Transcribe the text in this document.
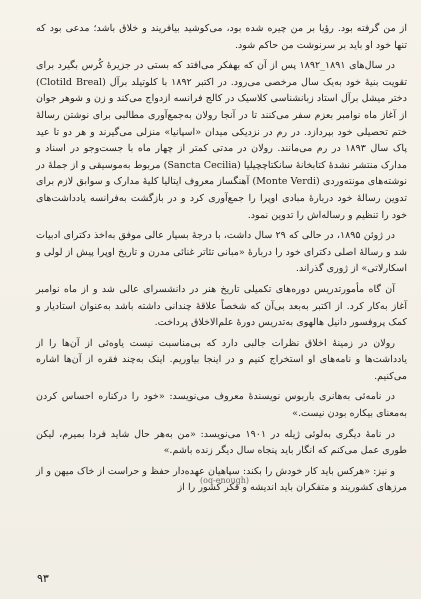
از من گرفته بود. رؤیا بر من چیره شده بود، می‌کوشید بیافریند و خلاق باشد؛ مدعی بود که تنها خود او باید بر سرنوشت من حاکم شود.

در سال‌های ۱۸۹۱_۱۸۹۲ پس از آن که بهفکر می‌افتد که بستی در جزیرهٔ کُرس بگیرد برای تقویت بنیهٔ خود به‌یک سال مرخصی می‌رود. در اکتبر ۱۸۹۲ با کلوتیلد برآل (Clotild Breal) دختر میشل برآل استاد زبانشناسی کلاسیک در کالج فرانسه ازدواج می‌کند و زن و شوهر جوان از آغاز ماه نوامبر بعزم سفر می‌کنند تا در آنجا رولان به‌جمع‌آوری مطالبی برای نوشتن رسالهٔ ختم تحصیلی خود بپردازد. در رم در نزدیکی میدان «اسپانیا» منزلی می‌گیرند و هر دو تا عید پاک سال ۱۸۹۳ در رم می‌مانند. رولان در مدتی کمتر از چهار ماه با جست‌وجو در اسناد و مدارک منتشر نشدهٔ کتابخانهٔ سانکتاچچیلیا (Sancta Cecilia) مربوط به‌موسیقی و از جملهٔ در نوشته‌های مونته‌وردی (Monte Verdi) آهنگساز معروف ایتالیا کلیهٔ مدارک و سوابق لازم برای تدوین رسالهٔ خود دربارهٔ مبادی اوپرا را جمع‌آوری کرد و در بازگشت به‌فرانسه یادداشت‌های خود را تنظیم و رساله‌اش را تدوین نمود.

در ژوئن ۱۸۹۵، در حالی که ۲۹ سال داشت، با درجهٔ بسیار عالی موفق به‌اخذ دکترای ادبیات شد و رسالهٔ اصلی دکترای خود را دربارهٔ «مبانی تئاتر غنائی مدرن و تاریخ اوپرا پیش از لولی و اسکارلاتی» از ژوری گذراند.

آن گاه مأمورتدریس دوره‌های تکمیلی تاریخ هنر در دانشسرای عالی شد و از ماه نوامبر آغاز به‌کار کرد. از اکتبر به‌بعد بی‌آن که شخصاً علاقهٔ چندانی داشته باشد به‌عنوان استادیار و کمک پروفسور دانیل هالهوی به‌تدریس دورهٔ علم‌الاخلاق پرداخت.

رولان در زمینهٔ اخلاق نظرات جالبی دارد که بی‌مناسبت نیست یاوه‌ئی از آن‌ها را از یادداشت‌ها و نامه‌های او استخراج کنیم و در اینجا بیاوریم. اینک به‌چند فقره از آن‌ها اشاره می‌کنیم.

در نامه‌ئی به‌هانری باربوس نویسندهٔ معروف می‌نویسد: «خود را درکناره احساس کردن به‌معنای بیکاره بودن نیست.»

در نامهٔ دیگری به‌لوئی ژیله در ۱۹۰۱ می‌نویسد: «من به‌هر حال شاید فردا بمیرم، لیکن طوری عمل می‌کنم که انگار باید پنجاه سال دیگر زنده باشم.»

و نیز: «هرکس باید کار خودش را بکند: سپاهیان عهده‌دار حفظ و حراست از خاک میهن و از مرزهای کشوریند و متفکران باید اندیشه و فکر کشور را از

(oq-enough)
۹۳
